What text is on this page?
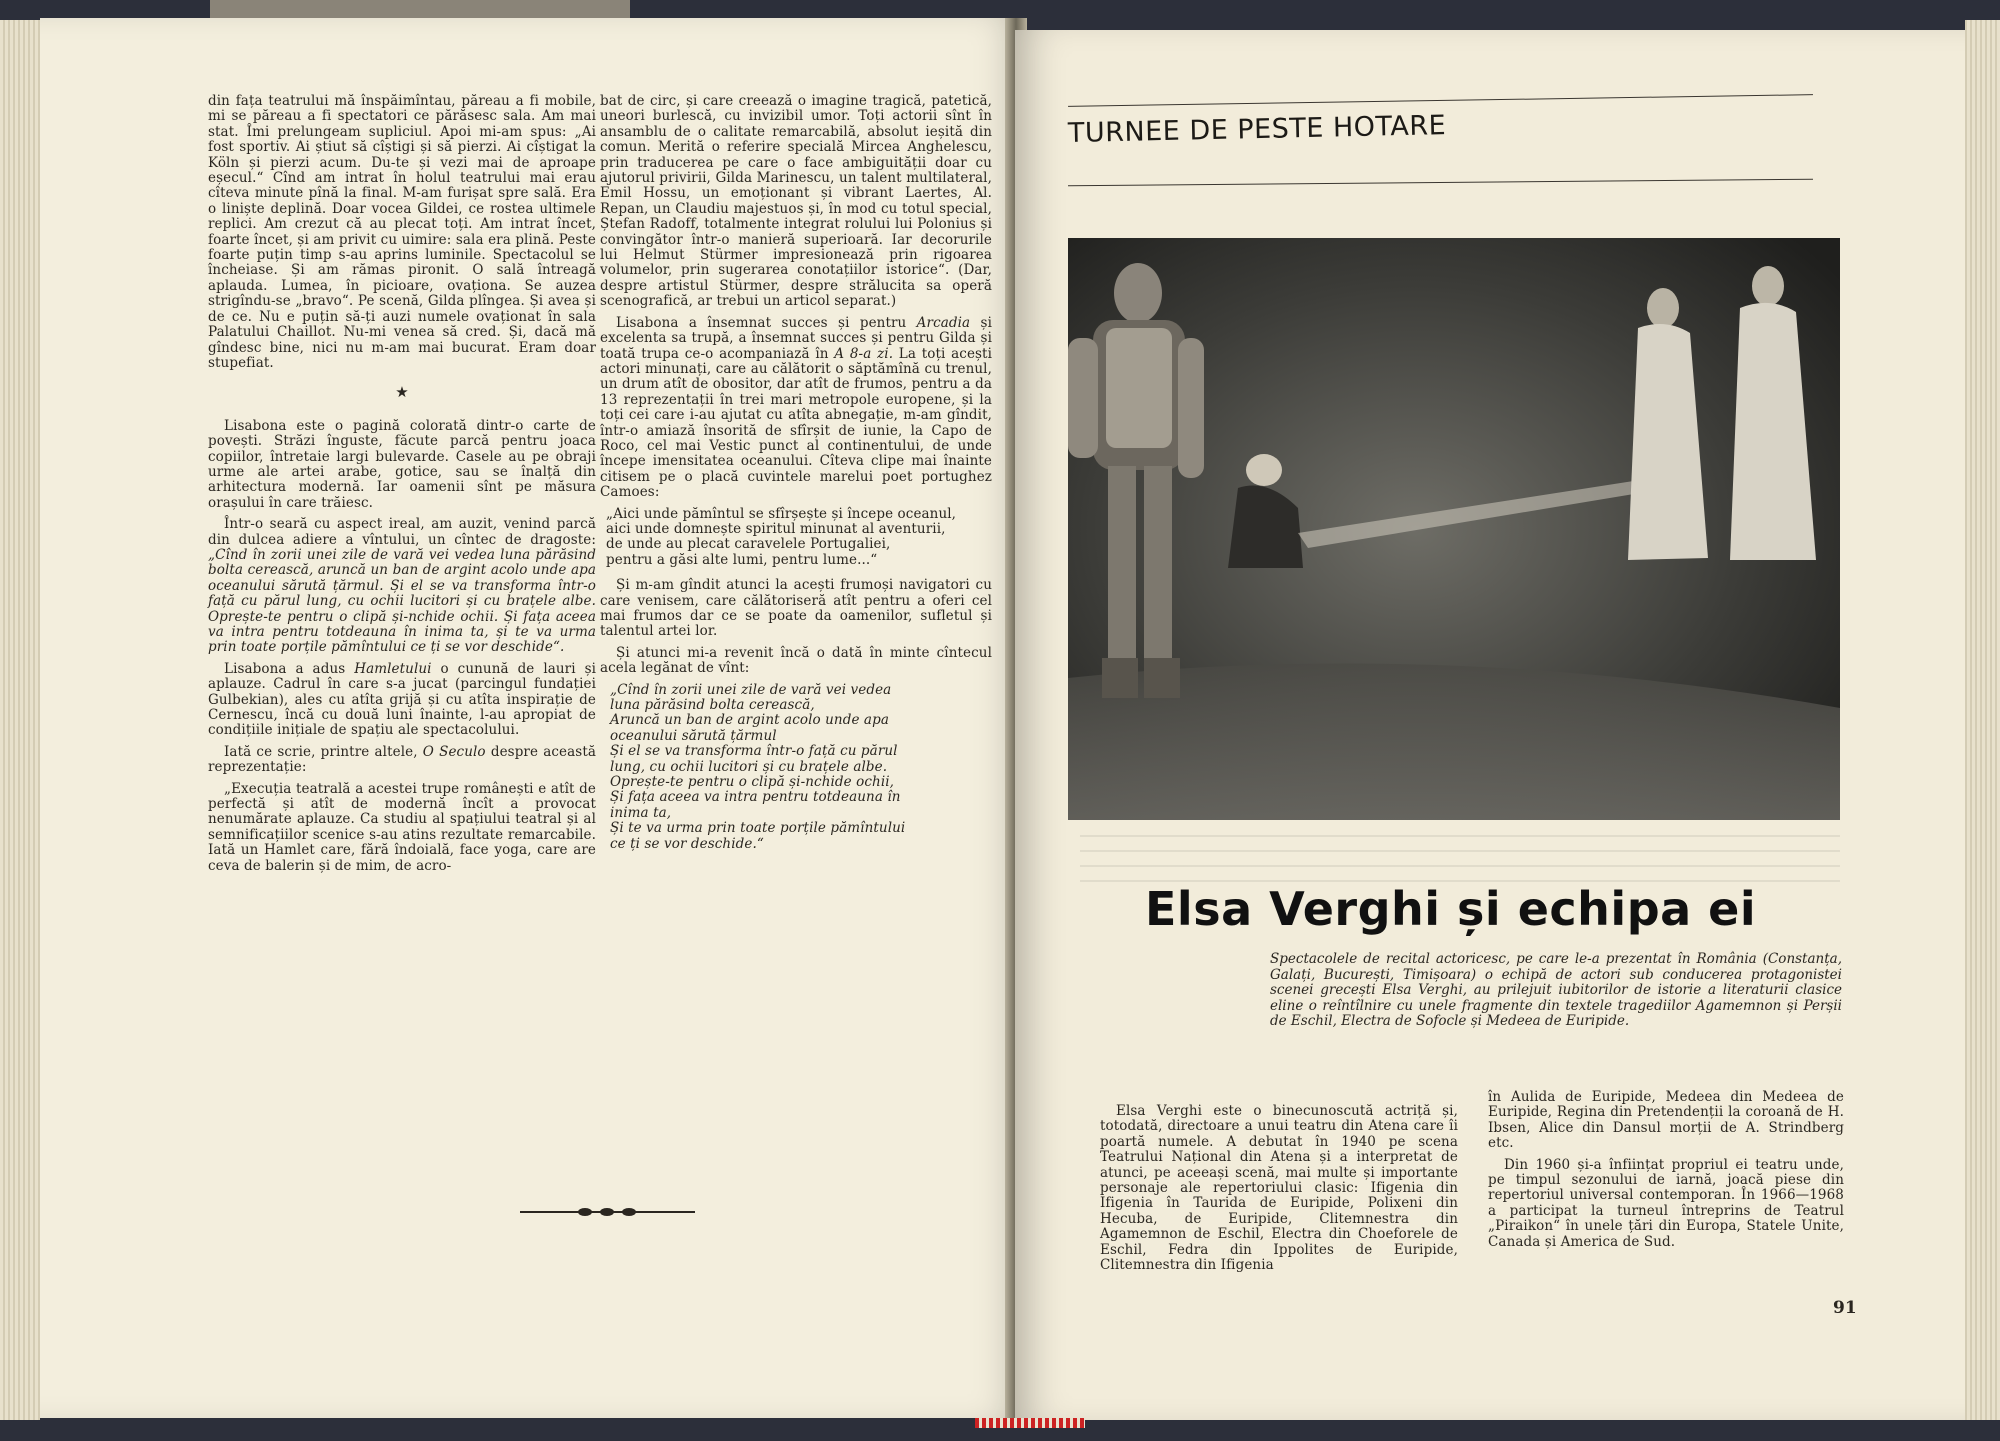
din fața teatrului mă înspăimîntau, păreau a fi mobile, mi se păreau a fi spectatori ce părăsesc sala. Am mai stat. Îmi prelungeam supliciul. Apoi mi-am spus: „Ai fost sportiv. Ai știut să cîștigi și să pierzi. Ai cîștigat la Köln și pierzi acum. Du-te și vezi mai de aproape eșecul.“ Cînd am intrat în holul teatrului mai erau cîteva minute pînă la final. M-am furișat spre sală. Era o liniște deplină. Doar vocea Gildei, ce rostea ultimele replici. Am crezut că au plecat toți. Am intrat încet, foarte încet, și am privit cu uimire: sala era plină. Peste foarte puțin timp s-au aprins luminile. Spectacolul se încheiase. Și am rămas pironit. O sală întreagă aplauda. Lumea, în picioare, ovaționa. Se auzea strigîndu-se „bravo“. Pe scenă, Gilda plîngea. Și avea și de ce. Nu e puțin să-ți auzi numele ovaționat în sala Palatului Chaillot. Nu-mi venea să cred. Și, dacă mă gîndesc bine, nici nu m-am mai bucurat. Eram doar stupefiat.

★

Lisabona este o pagină colorată dintr-o carte de povești. Străzi înguste, făcute parcă pentru joaca copiilor, întretaie largi bulevarde. Casele au pe obraji urme ale artei arabe, gotice, sau se înalță din arhitectura modernă. Iar oamenii sînt pe măsura orașului în care trăiesc.

Într-o seară cu aspect ireal, am auzit, venind parcă din dulcea adiere a vîntului, un cîntec de dragoste: „Cînd în zorii unei zile de vară vei vedea luna părăsind bolta cerească, aruncă un ban de argint acolo unde apa oceanului sărută țărmul. Și el se va transforma într-o față cu părul lung, cu ochii lucitori și cu brațele albe. Oprește-te pentru o clipă și-nchide ochii. Și fața aceea va intra pentru totdeauna în inima ta, și te va urma prin toate porțile pămîntului ce ți se vor deschide“.

Lisabona a adus Hamletului o cunună de lauri și aplauze. Cadrul în care s-a jucat (parcingul fundației Gulbekian), ales cu atîta grijă și cu atîta inspirație de Cernescu, încă cu două luni înainte, l-au apropiat de condițiile inițiale de spațiu ale spectacolului.

Iată ce scrie, printre altele, O Seculo despre această reprezentație:

„Execuția teatrală a acestei trupe românești e atît de perfectă și atît de modernă încît a provocat nenumărate aplauze. Ca studiu al spațiului teatral și al semnificațiilor scenice s-au atins rezultate remarcabile. Iată un Hamlet care, fără îndoială, face yoga, care are ceva de balerin și de mim, de acro-

bat de circ, și care creează o imagine tragică, patetică, uneori burlescă, cu invizibil umor. Toți actorii sînt în ansamblu de o calitate remarcabilă, absolut ieșită din comun. Merită o referire specială Mircea Anghelescu, prin traducerea pe care o face ambiguității doar cu ajutorul privirii, Gilda Marinescu, un talent multilateral, Emil Hossu, un emoționant și vibrant Laertes, Al. Repan, un Claudiu majestuos și, în mod cu totul special, Ștefan Radoff, totalmente integrat rolului lui Polonius și convingător într-o manieră superioară. Iar decorurile lui Helmut Stürmer impresionează prin rigoarea volumelor, prin sugerarea conotațiilor istorice“. (Dar, despre artistul Stürmer, despre strălucita sa operă scenografică, ar trebui un articol separat.)

Lisabona a însemnat succes și pentru Arcadia și excelenta sa trupă, a însemnat succes și pentru Gilda și toată trupa ce-o acompaniază în A 8-a zi. La toți acești actori minunați, care au călătorit o săptămînă cu trenul, un drum atît de obositor, dar atît de frumos, pentru a da 13 reprezentații în trei mari metropole europene, și la toți cei care i-au ajutat cu atîta abnegație, m-am gîndit, într-o amiază însorită de sfîrșit de iunie, la Capo de Roco, cel mai Vestic punct al continentului, de unde începe imensitatea oceanului. Cîteva clipe mai înainte citisem pe o placă cuvintele marelui poet portughez Camoes:

„Aici unde pămîntul se sfîrșește și începe oceanul,
aici unde domnește spiritul minunat al aventurii,
de unde au plecat caravelele Portugaliei,
pentru a găsi alte lumi, pentru lume...“

Și m-am gîndit atunci la acești frumoși navigatori cu care venisem, care călătoriseră atît pentru a oferi cel mai frumos dar ce se poate da oamenilor, sufletul și talentul artei lor.

Și atunci mi-a revenit încă o dată în minte cîntecul acela legănat de vînt:

„Cînd în zorii unei zile de vară vei vedea
luna părăsind bolta cerească,
Aruncă un ban de argint acolo unde apa
oceanului sărută țărmul
Și el se va transforma într-o față cu părul
lung, cu ochii lucitori și cu brațele albe.
Oprește-te pentru o clipă și-nchide ochii,
Și fața aceea va intra pentru totdeauna în
inima ta,
Și te va urma prin toate porțile pămîntului
ce ți se vor deschide.“
TURNEE DE PESTE HOTARE
Elsa Verghi și echipa ei
Spectacolele de recital actoricesc, pe care le-a prezentat în România (Constanța, Galați, București, Timișoara) o echipă de actori sub conducerea protagonistei scenei grecești Elsa Verghi, au prilejuit iubitorilor de istorie a literaturii clasice eline o reîntîlnire cu unele fragmente din textele tragediilor Agamemnon și Perșii de Eschil, Electra de Sofocle și Medeea de Euripide.

Elsa Verghi este o binecunoscută actriță și, totodată, directoare a unui teatru din Atena care îi poartă numele. A debutat în 1940 pe scena Teatrului Național din Atena și a interpretat de atunci, pe aceeași scenă, mai multe și importante personaje ale repertoriului clasic: Ifigenia din Ifigenia în Taurida de Euripide, Polixeni din Hecuba, de Euripide, Clitemnestra din Agamemnon de Eschil, Electra din Choeforele de Eschil, Fedra din Ippolites de Euripide, Clitemnestra din Ifigenia

în Aulida de Euripide, Medeea din Medeea de Euripide, Regina din Pretendenții la coroană de H. Ibsen, Alice din Dansul morții de A. Strindberg etc.

Din 1960 și-a înființat propriul ei teatru unde, pe timpul sezonului de iarnă, joacă piese din repertoriul universal contemporan. În 1966—1968 a participat la turneul întreprins de Teatrul „Piraikon“ în unele țări din Europa, Statele Unite, Canada și America de Sud.

91
